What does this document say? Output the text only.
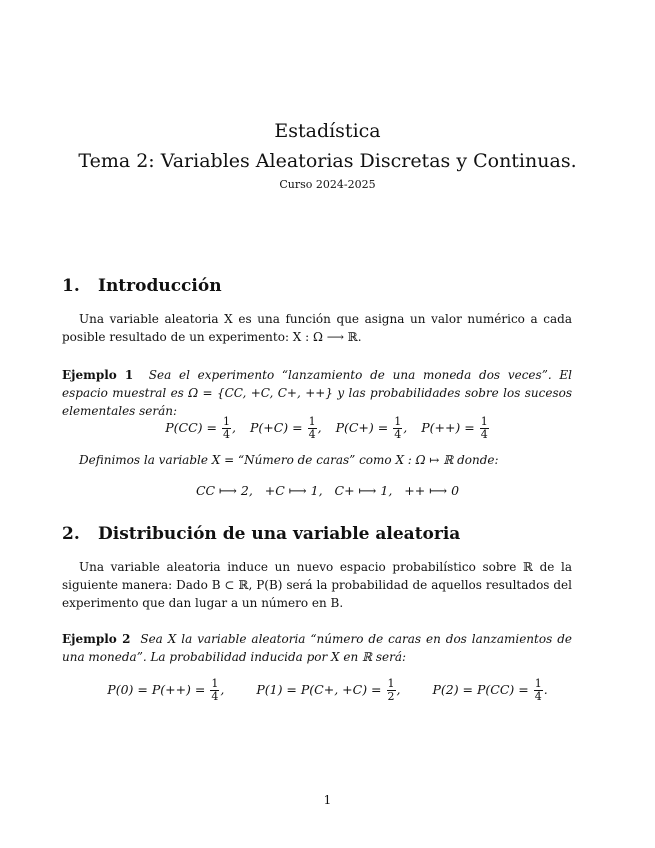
Estadística
Tema 2: Variables Aleatorias Discretas y Continuas.
Curso 2024-2025
1. Introducción
Una variable aleatoria X es una función que asigna un valor numérico a cada posible resultado de un experimento: X : Ω ⟶ ℝ.
Ejemplo 1 Sea el experimento “lanzamiento de una moneda dos veces”. El espacio muestral es Ω = {CC, +C, C+, ++} y las probabilidades sobre los sucesos elementales serán:
$P(CC) = \frac{1}{4}$ , $P(+C) = \frac{1}{4}$ , $P(C+) = \frac{1}{4}$ , $P(++) = \frac{1}{4}$
Definimos la variable X = “Número de caras” como X : Ω ↦ ℝ donde:
CC ⟼ 2,   +C ⟼ 1,   C+ ⟼ 1,   ++ ⟼ 0
2. Distribución de una variable aleatoria
Una variable aleatoria induce un nuevo espacio probabilístico sobre ℝ de la siguiente manera: Dado B ⊂ ℝ, P(B) será la probabilidad de aquellos resultados del experimento que dan lugar a un número en B.
Ejemplo 2 Sea X la variable aleatoria “número de caras en dos lanzamientos de una moneda”. La probabilidad inducida por X en ℝ será:
$P(0) = P(++) = \frac{1}{4}$ ,	P(1) = P(C+, $+C) = \frac{1}{2}$ ,	$P(2) = P(CC) = \frac{1}{4}$ .
1
